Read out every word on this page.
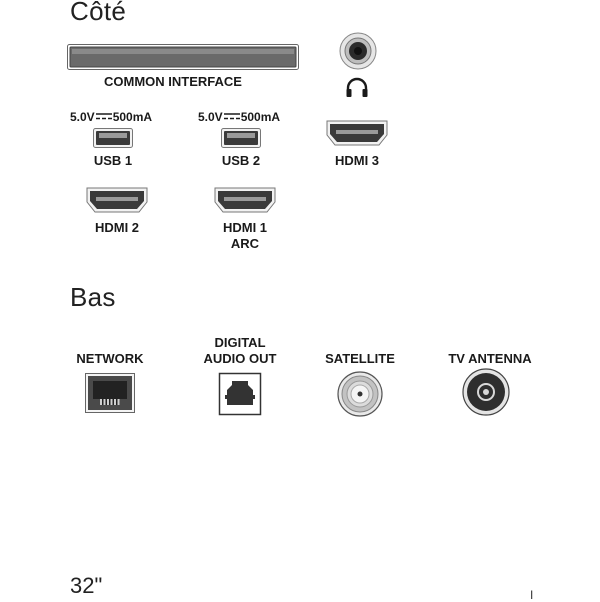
Côté
COMMON INTERFACE
5.0V 500mA
USB 1
5.0V 500mA
USB 2	HDMI 3
HDMI 2	HDMI 1
ARC
Bas
NETWORK
DIGITAL
AUDIO OUT	SATELLITE	TV ANTENNA
32"	I
